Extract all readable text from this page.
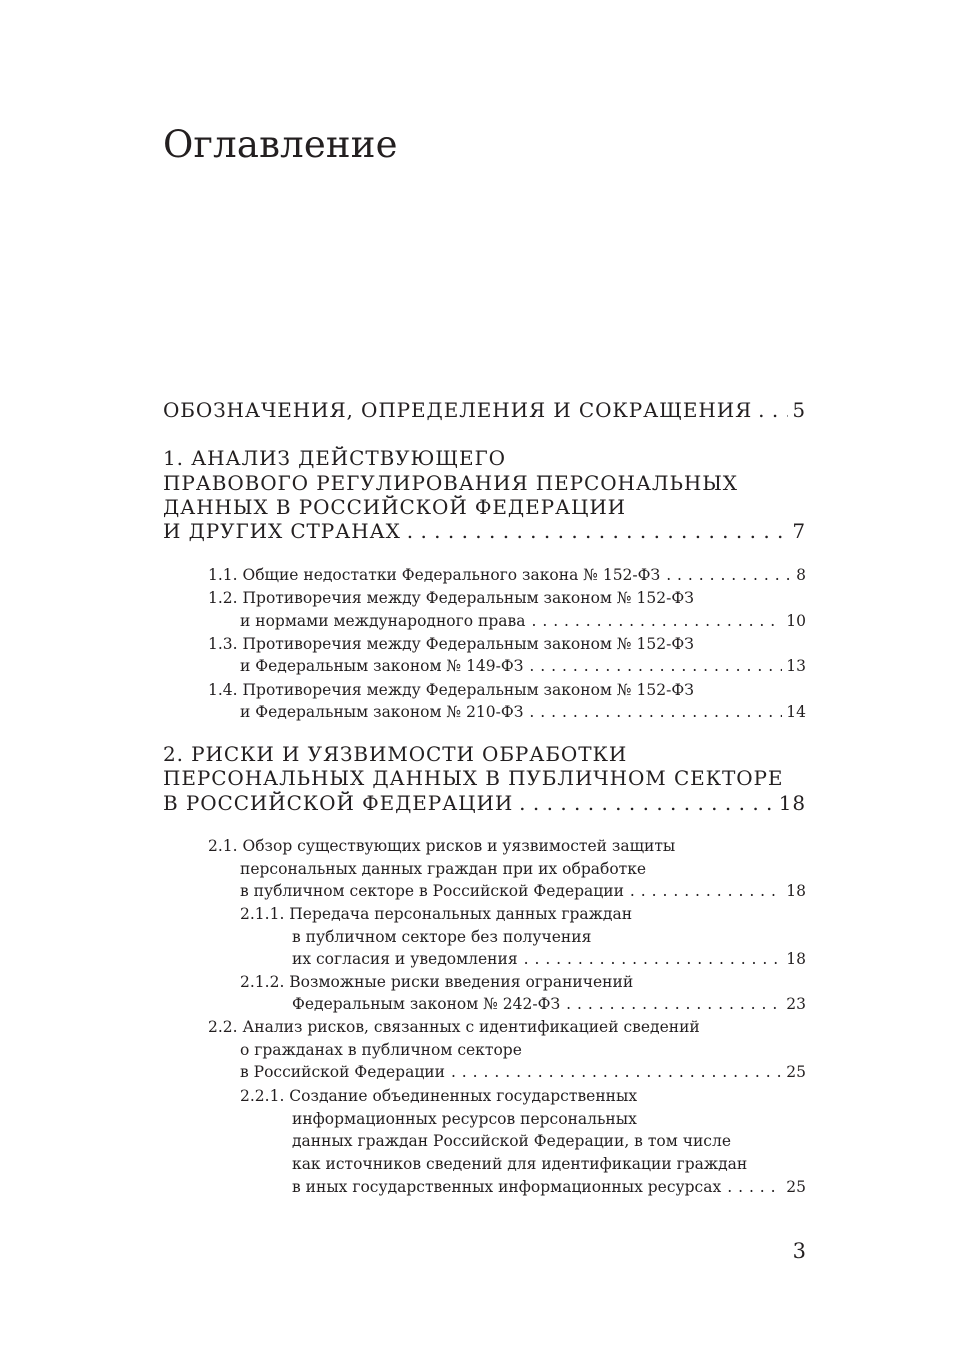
Оглавление
ОБОЗНАЧЕНИЯ, ОПРЕДЕЛЕНИЯ И СОКРАЩЕНИЯ . . . 5
1. АНАЛИЗ ДЕЙСТВУЮЩЕГО
ПРАВОВОГО РЕГУЛИРОВАНИЯ ПЕРСОНАЛЬНЫХ
ДАННЫХ В РОССИЙСКОЙ ФЕДЕРАЦИИ
И ДРУГИХ СТРАНАХ . . .	7
1.1. Общие недостатки Федерального закона № 152-ФЗ . . .	8
1.2. Противоречия между Федеральным законом № 152-ФЗ
и нормами международного права . . .	10
1.3. Противоречия между Федеральным законом № 152-ФЗ
и Федеральным законом № 149-ФЗ . . .	13
1.4. Противоречия между Федеральным законом № 152-ФЗ
и Федеральным законом № 210-ФЗ . . .	14
2. РИСКИ И УЯЗВИМОСТИ ОБРАБОТКИ
ПЕРСОНАЛЬНЫХ ДАННЫХ В ПУБЛИЧНОМ СЕКТОРЕ
В РОССИЙСКОЙ ФЕДЕРАЦИИ . . .	18
2.1. Обзор существующих рисков и уязвимостей защиты
персональных данных граждан при их обработке
в публичном секторе в Российской Федерации . . .	18
2.1.1. Передача персональных данных граждан
в публичном секторе без получения
их согласия и уведомления . . .	18
2.1.2. Возможные риски введения ограничений
Федеральным законом № 242-ФЗ . . .	23
2.2. Анализ рисков, связанных с идентификацией сведений
о гражданах в публичном секторе
в Российской Федерации . . .	25
2.2.1. Создание объединенных государственных
информационных ресурсов персональных
данных граждан Российской Федерации, в том числе
как источников сведений для идентификации граждан
в иных государственных информационных ресурсах . . .	25
3
